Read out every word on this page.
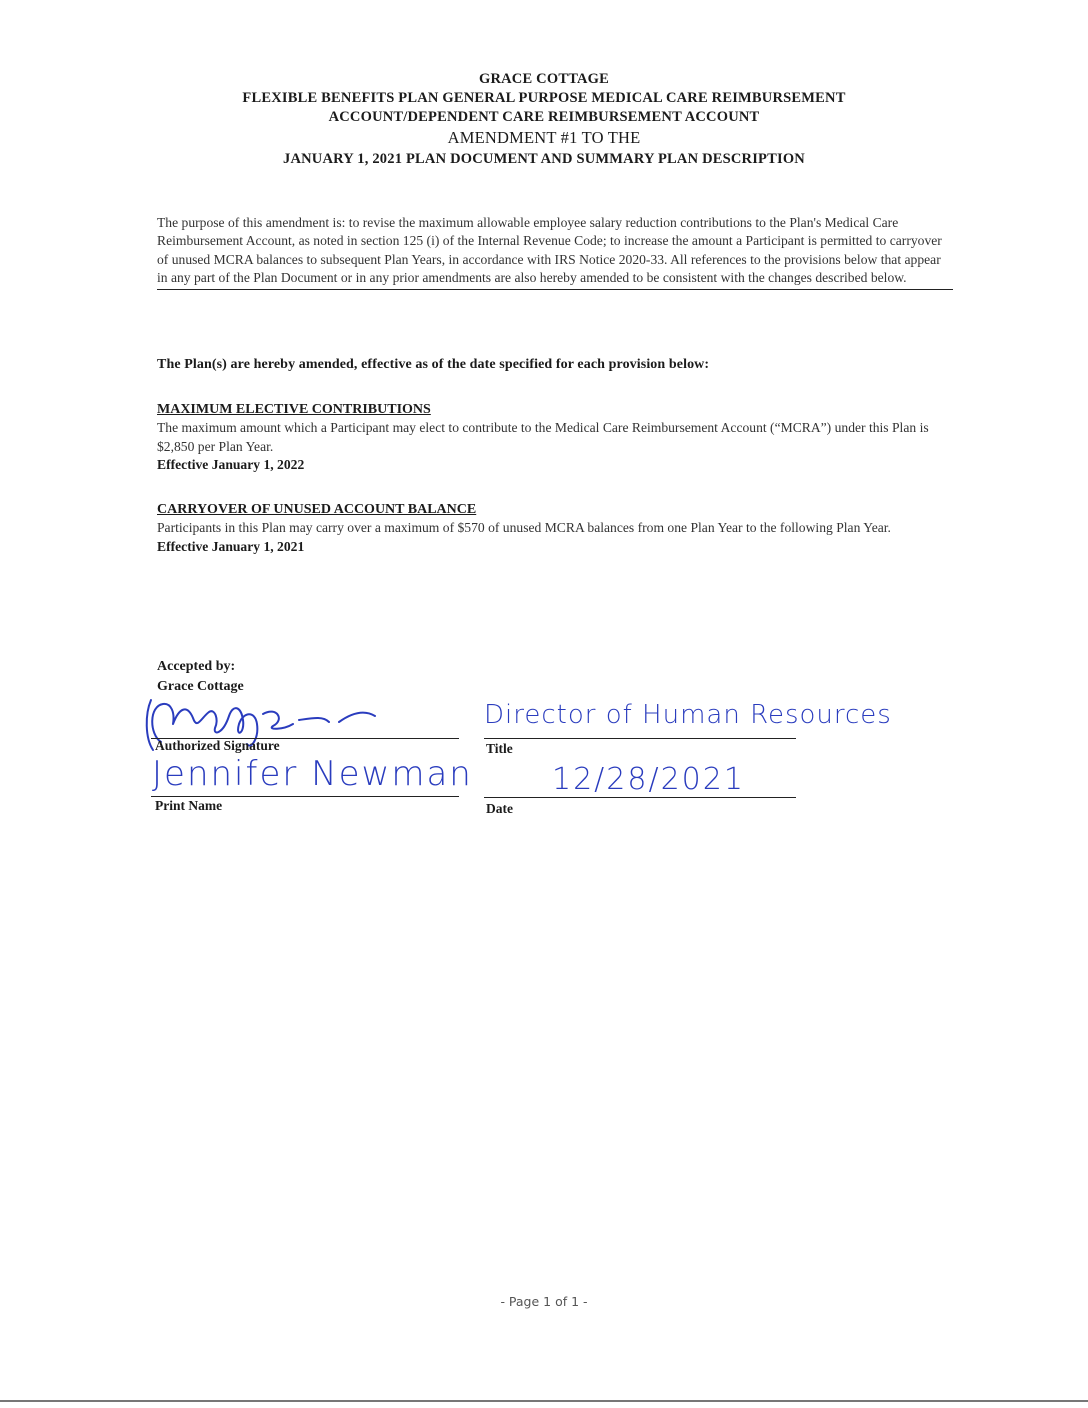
GRACE COTTAGE
FLEXIBLE BENEFITS PLAN GENERAL PURPOSE MEDICAL CARE REIMBURSEMENT
ACCOUNT/DEPENDENT CARE REIMBURSEMENT ACCOUNT
AMENDMENT #1 TO THE
JANUARY 1, 2021 PLAN DOCUMENT AND SUMMARY PLAN DESCRIPTION
The purpose of this amendment is: to revise the maximum allowable employee salary reduction contributions to the Plan's Medical Care Reimbursement Account, as noted in section 125 (i) of the Internal Revenue Code; to increase the amount a Participant is permitted to carryover of unused MCRA balances to subsequent Plan Years, in accordance with IRS Notice 2020-33. All references to the provisions below that appear in any part of the Plan Document or in any prior amendments are also hereby amended to be consistent with the changes described below.
The Plan(s) are hereby amended, effective as of the date specified for each provision below:
MAXIMUM ELECTIVE CONTRIBUTIONS
The maximum amount which a Participant may elect to contribute to the Medical Care Reimbursement Account (“MCRA”) under this Plan is $2,850 per Plan Year.
Effective January 1, 2022
CARRYOVER OF UNUSED ACCOUNT BALANCE
Participants in this Plan may carry over a maximum of $570 of unused MCRA balances from one Plan Year to the following Plan Year.
Effective January 1, 2021
Accepted by:
Grace Cottage
Authorized Signature
Jennifer Newman
Print Name
Director of Human Resources
Title
12/28/2021
Date
- Page 1 of 1 -
